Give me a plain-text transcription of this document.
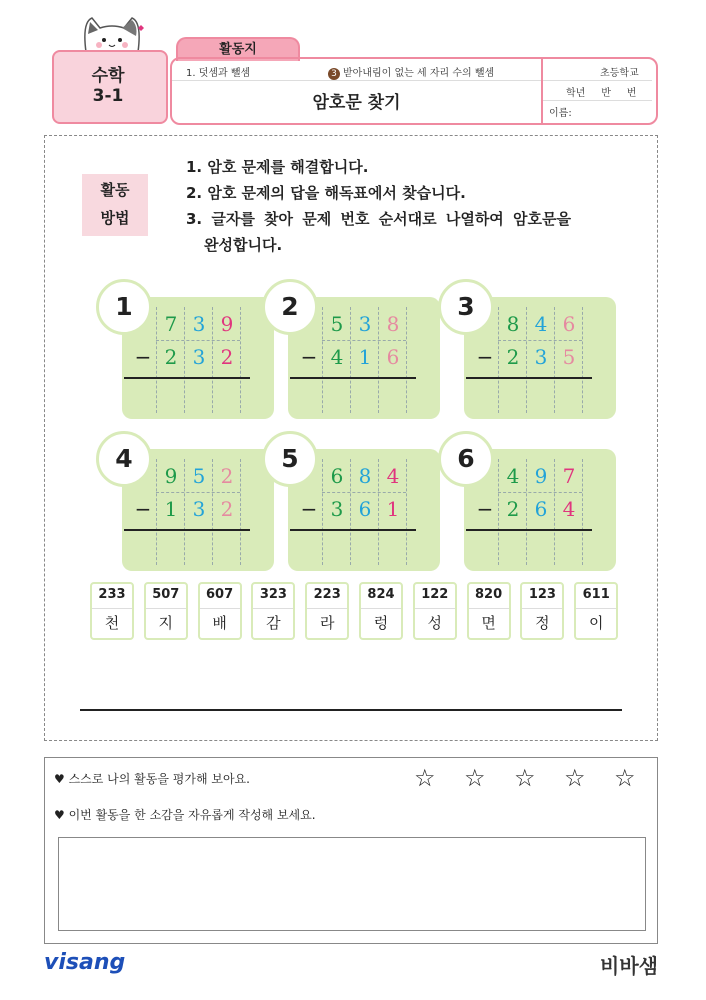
수학
3-1
활동지
1. 덧셈과 뺄셈	3 받아내림이 없는 세 자리 수의 뺄셈
암호문 찾기
초등학교
학년     반     번
이름:
활동
방법
1. 암호 문제를 해결합니다.
2. 암호 문제의 답을 해독표에서 찾습니다.
3. 글자를 찾아 문제 번호 순서대로 나열하여 암호문을
완성합니다.
1
7 3 9
2 3 2
−
2
5 3 8
4 1 6
−
3
8 4 6
2 3 5
−
4
9 5 2
1 3 2
−
5
6 8 4
3 6 1
−
6
4 9 7
2 6 4
−
233
천
507
지
607
배
323
감
223
라
824
렁
122
성
820
면
123
정
611
이
♥ 스스로 나의 활동을 평가해 보아요.	☆ ☆ ☆ ☆ ☆
♥ 이번 활동을 한 소감을 자유롭게 작성해 보세요.
visang	비바샘
